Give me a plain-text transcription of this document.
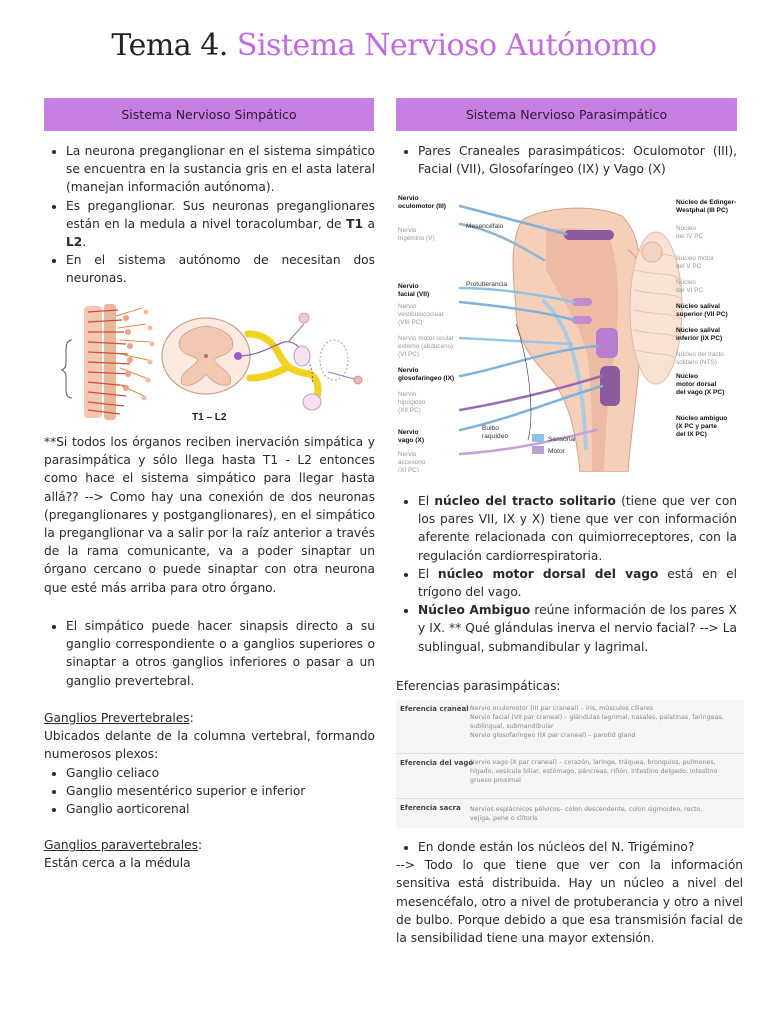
Tema 4. Sistema Nervioso Autónomo
Sistema Nervioso Simpático
• La neurona preganglionar en el sistema simpático se encuentra en la sustancia gris en el asta lateral (manejan información autónoma).
• Es preganglionar. Sus neuronas preganglionares están en la medula a nivel toracolumbar, de T1 a L2.
• En el sistema autónomo de necesitan dos neuronas.
T1 – L2

**Si todos los órganos reciben inervación simpática y parasimpática y sólo llega hasta T1 - L2 entonces como hace el sistema simpático para llegar hasta allá?? --> Como hay una conexión de dos neuronas (preganglionares y postganglionares), en el simpático la preganglionar va a salir por la raíz anterior a través de la rama comunicante, va a poder sinaptar un órgano cercano o puede sinaptar con otra neurona que esté más arriba para otro órgano.

• El simpático puede hacer sinapsis directo a su ganglio correspondiente o a ganglios superiores o sinaptar a otros ganglios inferiores o pasar a un ganglio prevertebral.

Ganglios Prevertebrales:

Ubicados delante de la columna vertebral, formando numerosos plexos:

• Ganglio celiaco
• Ganglio mesentérico superior e inferior
• Ganglio aorticorenal

Ganglios paravertebrales:

Están cerca a la médula

Sistema Nervioso Parasimpático
• Pares Craneales parasimpáticos: Oculomotor (III), Facial (VII), Glosofaríngeo (IX) y Vago (X)
Nervio
oculomotor (III)
Nervio
trigémino (V)
Nervio
facial (VII)
Nervio
vestibulococlear
(VIII PC)
Nervio motor ocular
externo (abducens)
(VI PC)
Nervio
glosofaríngeo (IX)
Nervio
hipogloso
(XII PC)
Nervio
vago (X)
Nervio
accesorio
(XI PC)
Mesencéfalo
Protuberancia
Bulbo
raquídeo	Sensorial
Motor
Núcleo de Edinger-
Westphal (III PC)
Núcleo
del IV PC
Núcleo motor
del V PC
Núcleo
del VI PC
Núcleo salival
superior (VII PC)
Núcleo salival
inferior (IX PC)
Núcleo del tracto
solitario (NTS)
Núcleo
motor dorsal
del vago (X PC)
Núcleo ambiguo
(X PC y parte
del IX PC)
• El núcleo del tracto solitario (tiene que ver con los pares VII, IX y X) tiene que ver con información aferente relacionada con quimiorreceptores, con la regulación cardiorrespiratoria.
• El núcleo motor dorsal del vago está en el trígono del vago.
• Núcleo Ambiguo reúne información de los pares X y IX. ** Qué glándulas inerva el nervio facial? --> La sublingual, submandibular y lagrimal.

Eferencias parasimpáticas:

Eferencia craneal Nervio oculomotor (III par craneal) – iris, músculos ciliares
Nervio facial (VII par craneal) – glándulas lagrimal, nasales, palatinas, faringeas,
sublingual, submandibular
Nervio glosofaríngeo (IX par craneal) – parotid gland
Eferencia del vago
Nervio vago (X par craneal) – corazón, laringe, tráquea, bronquios, pulmones,
hígado, vesícula biliar, estómago, páncreas, riñón, intestino delgado, intestino
grueso proximal
Eferencia sacra Nervios esplácnicos pélvicos– colon descendente, colon sigmoideo, recto,
vejiga, pene o clítoris
• En donde están los núcleos del N. Trigémino?

--> Todo lo que tiene que ver con la información sensitiva está distribuida. Hay un núcleo a nivel del mesencéfalo, otro a nivel de protuberancia y otro a nivel de bulbo. Porque debido a que esa transmisión facial de la sensibilidad tiene una mayor extensión.
